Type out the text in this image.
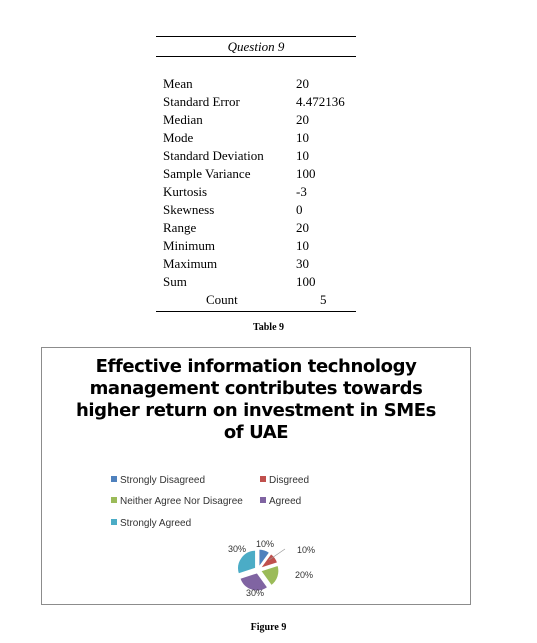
Question 9
Mean	20
Standard Error	4.472136
Median	20
Mode	10
Standard Deviation 10
Sample Variance	100
Kurtosis	-3
Skewness	0
Range	20
Minimum	10
Maximum	30
Sum	100
Count	5
Table 9
Effective information technology
management contributes towards
higher return on investment in SMEs
of UAE
Strongly Disagreed	Disgreed
Neither Agree Nor Disagree	Agreed
Strongly Agreed
10%
10%
20%
30%
30%
Figure 9
